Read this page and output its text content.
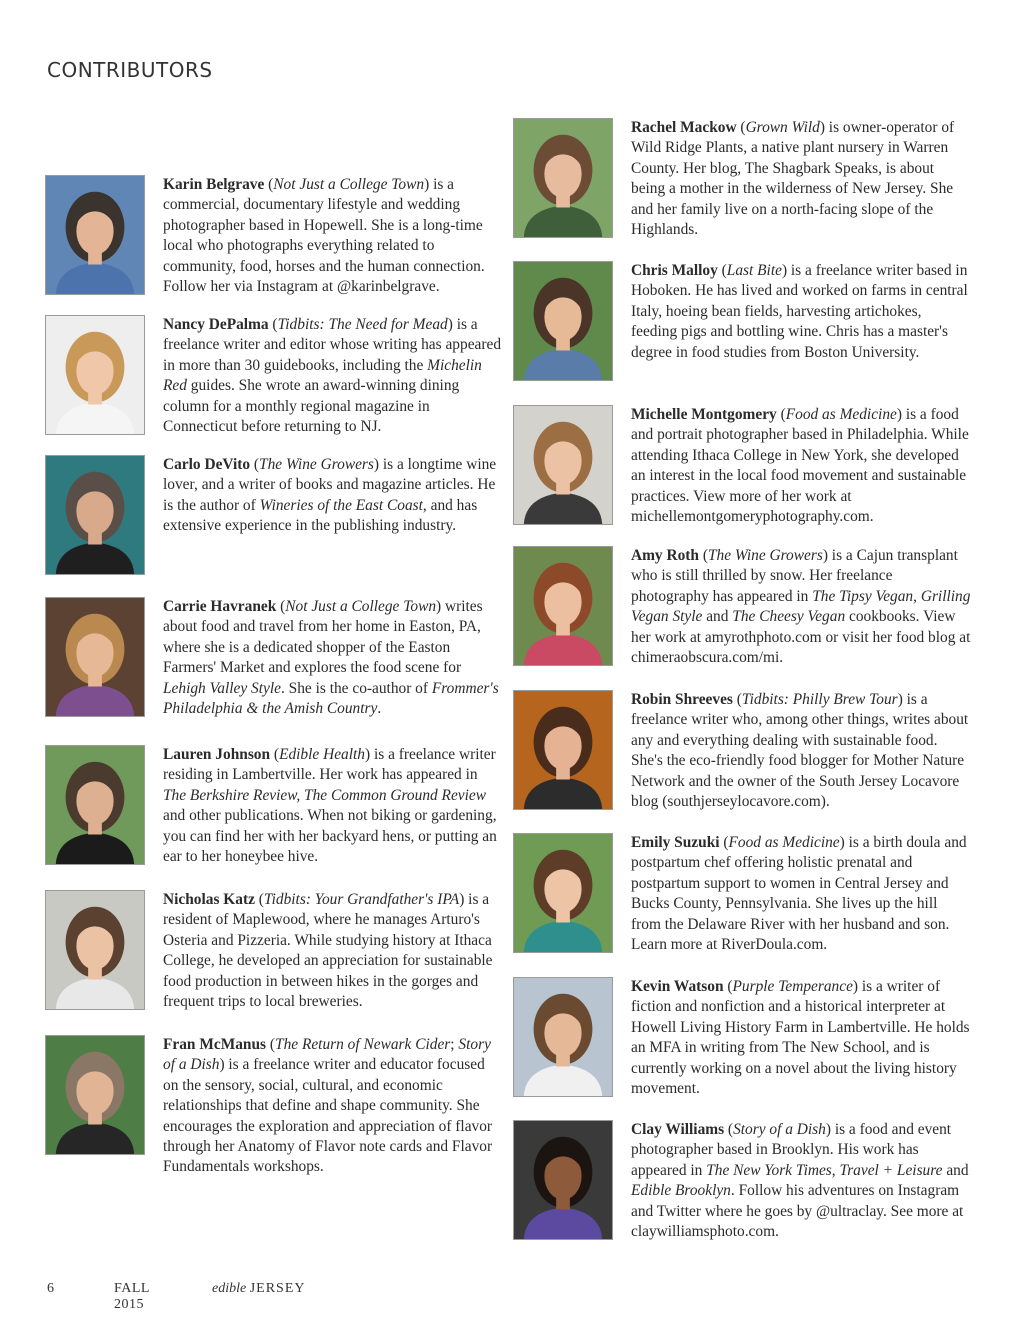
CONTRIBUTORS

Karin Belgrave (Not Just a College Town) is a commercial, documentary lifestyle and wedding photographer based in Hopewell. She is a long-time local who photographs everything related to community, food, horses and the human connection. Follow her via Instagram at @karinbelgrave.

Nancy DePalma (Tidbits: The Need for Mead) is a freelance writer and editor whose writing has appeared in more than 30 guidebooks, including the Michelin Red guides. She wrote an award-winning dining column for a monthly regional magazine in Connecticut before returning to NJ.

Carlo DeVito (The Wine Growers) is a longtime wine lover, and a writer of books and magazine articles. He is the author of Wineries of the East Coast, and has extensive experience in the publishing industry.

Carrie Havranek (Not Just a College Town) writes about food and travel from her home in Easton, PA, where she is a dedicated shopper of the Easton Farmers' Market and explores the food scene for Lehigh Valley Style. She is the co-author of Frommer's Philadelphia & the Amish Country.

Lauren Johnson (Edible Health) is a freelance writer residing in Lambertville. Her work has appeared in The Berkshire Review, The Common Ground Review and other publications. When not biking or gardening, you can find her with her backyard hens, or putting an ear to her honeybee hive.

Nicholas Katz (Tidbits: Your Grandfather's IPA) is a resident of Maplewood, where he manages Arturo's Osteria and Pizzeria. While studying history at Ithaca College, he developed an appreciation for sustainable food production in between hikes in the gorges and frequent trips to local breweries.

Fran McManus (The Return of Newark Cider; Story of a Dish) is a freelance writer and educator focused on the sensory, social, cultural, and economic relationships that define and shape community. She encourages the exploration and appreciation of flavor through her Anatomy of Flavor note cards and Flavor Fundamentals workshops.

Rachel Mackow (Grown Wild) is owner-operator of Wild Ridge Plants, a native plant nursery in Warren County. Her blog, The Shagbark Speaks, is about being a mother in the wilderness of New Jersey. She and her family live on a north-facing slope of the Highlands.

Chris Malloy (Last Bite) is a freelance writer based in Hoboken. He has lived and worked on farms in central Italy, hoeing bean fields, harvesting artichokes, feeding pigs and bottling wine. Chris has a master's degree in food studies from Boston University.

Michelle Montgomery (Food as Medicine) is a food and portrait photographer based in Philadelphia. While attending Ithaca College in New York, she developed an interest in the local food movement and sustainable practices. View more of her work at michellemontgomeryphotography.com.

Amy Roth (The Wine Growers) is a Cajun transplant who is still thrilled by snow. Her freelance photography has appeared in The Tipsy Vegan, Grilling Vegan Style and The Cheesy Vegan cookbooks. View her work at amyrothphoto.com or visit her food blog at chimeraobscura.com/mi.

Robin Shreeves (Tidbits: Philly Brew Tour) is a freelance writer who, among other things, writes about any and everything dealing with sustainable food. She's the eco-friendly food blogger for Mother Nature Network and the owner of the South Jersey Locavore blog (southjerseylocavore.com).

Emily Suzuki (Food as Medicine) is a birth doula and postpartum chef offering holistic prenatal and postpartum support to women in Central Jersey and Bucks County, Pennsylvania. She lives up the hill from the Delaware River with her husband and son. Learn more at RiverDoula.com.

Kevin Watson (Purple Temperance) is a writer of fiction and nonfiction and a historical interpreter at Howell Living History Farm in Lambertville. He holds an MFA in writing from The New School, and is currently working on a novel about the living history movement.

Clay Williams (Story of a Dish) is a food and event photographer based in Brooklyn. His work has appeared in The New York Times, Travel + Leisure and Edible Brooklyn. Follow his adventures on Instagram and Twitter where he goes by @ultraclay. See more at claywilliamsphoto.com.

6	FALL 2015
edible JERSEY
